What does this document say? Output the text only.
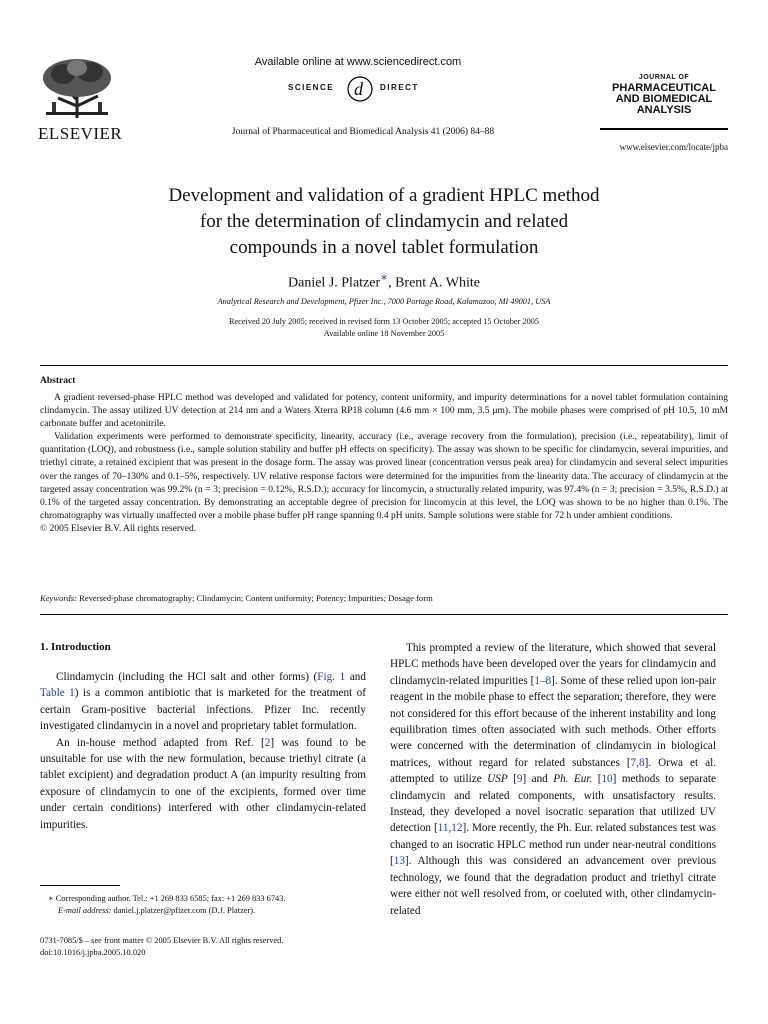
ELSEVIER
Available online at www.sciencedirect.com
SCIENCE d DIRECT
Journal of Pharmaceutical and Biomedical Analysis 41 (2006) 84–88
JOURNAL OF
PHARMACEUTICAL
AND BIOMEDICAL
ANALYSIS
www.elsevier.com/locate/jpba
Development and validation of a gradient HPLC method
for the determination of clindamycin and related
compounds in a novel tablet formulation
Daniel J. Platzer∗, Brent A. White
Analytical Research and Development, Pfizer Inc., 7000 Portage Road, Kalamazoo, MI 49001, USA
Received 20 July 2005; received in revised form 13 October 2005; accepted 15 October 2005
Available online 18 November 2005
Abstract

A gradient reversed-phase HPLC method was developed and validated for potency, content uniformity, and impurity determinations for a novel tablet formulation containing clindamycin. The assay utilized UV detection at 214 nm and a Waters Xterra RP18 column (4.6 mm × 100 mm, 3.5 μm). The mobile phases were comprised of pH 10.5, 10 mM carbonate buffer and acetonitrile.

Validation experiments were performed to demonstrate specificity, linearity, accuracy (i.e., average recovery from the formulation), precision (i.e., repeatability), limit of quantitation (LOQ), and robustness (i.e., sample solution stability and buffer pH effects on specificity). The assay was shown to be specific for clindamycin, several impurities, and triethyl citrate, a retained excipient that was present in the dosage form. The assay was proved linear (concentration versus peak area) for clindamycin and several select impurities over the ranges of 70–130% and 0.1–5%, respectively. UV relative response factors were determined for the impurities from the linearity data. The accuracy of clindamycin at the targeted assay concentration was 99.2% (n = 3; precision = 0.12%, R.S.D.); accuracy for lincomycin, a structurally related impurity, was 97.4% (n = 3; precision = 3.5%, R.S.D.) at 0.1% of the targeted assay concentration. By demonstrating an acceptable degree of precision for lincomycin at this level, the LOQ was shown to be no higher than 0.1%. The chromatography was virtually unaffected over a mobile phase buffer pH range spanning 0.4 pH units. Sample solutions were stable for 72 h under ambient conditions.

© 2005 Elsevier B.V. All rights reserved.

Keywords: Reversed-phase chromatography; Clindamycin; Content uniformity; Potency; Impurities; Dosage form
1. Introduction

Clindamycin (including the HCl salt and other forms) (Fig. 1 and Table 1) is a common antibiotic that is marketed for the treatment of certain Gram-positive bacterial infections. Pfizer Inc. recently investigated clindamycin in a novel and proprietary tablet formulation.

An in-house method adapted from Ref. [2] was found to be unsuitable for use with the new formulation, because triethyl citrate (a tablet excipient) and degradation product A (an impurity resulting from exposure of clindamycin to one of the excipients, formed over time under certain conditions) interfered with other clindamycin-related impurities.

This prompted a review of the literature, which showed that several HPLC methods have been developed over the years for clindamycin and clindamycin-related impurities [1–8]. Some of these relied upon ion-pair reagent in the mobile phase to effect the separation; therefore, they were not considered for this effort because of the inherent instability and long equilibration times often associated with such methods. Other efforts were concerned with the determination of clindamycin in biological matrices, without regard for related substances [7,8]. Orwa et al. attempted to utilize USP [9] and Ph. Eur. [10] methods to separate clindamycin and related components, with unsatisfactory results. Instead, they developed a novel isocratic separation that utilized UV detection [11,12]. More recently, the Ph. Eur. related substances test was changed to an isocratic HPLC method run under near-neutral conditions [13]. Although this was considered an advancement over previous technology, we found that the degradation product and triethyl citrate were either not well resolved from, or coeluted with, other clindamycin-related

∗ Corresponding author. Tel.: +1 269 833 6585; fax: +1 269 833 6743.
E-mail address: daniel.j.platzer@pfizer.com (D.J. Platzer).
0731-7085/$ – see front matter © 2005 Elsevier B.V. All rights reserved.
doi:10.1016/j.jpba.2005.10.020
